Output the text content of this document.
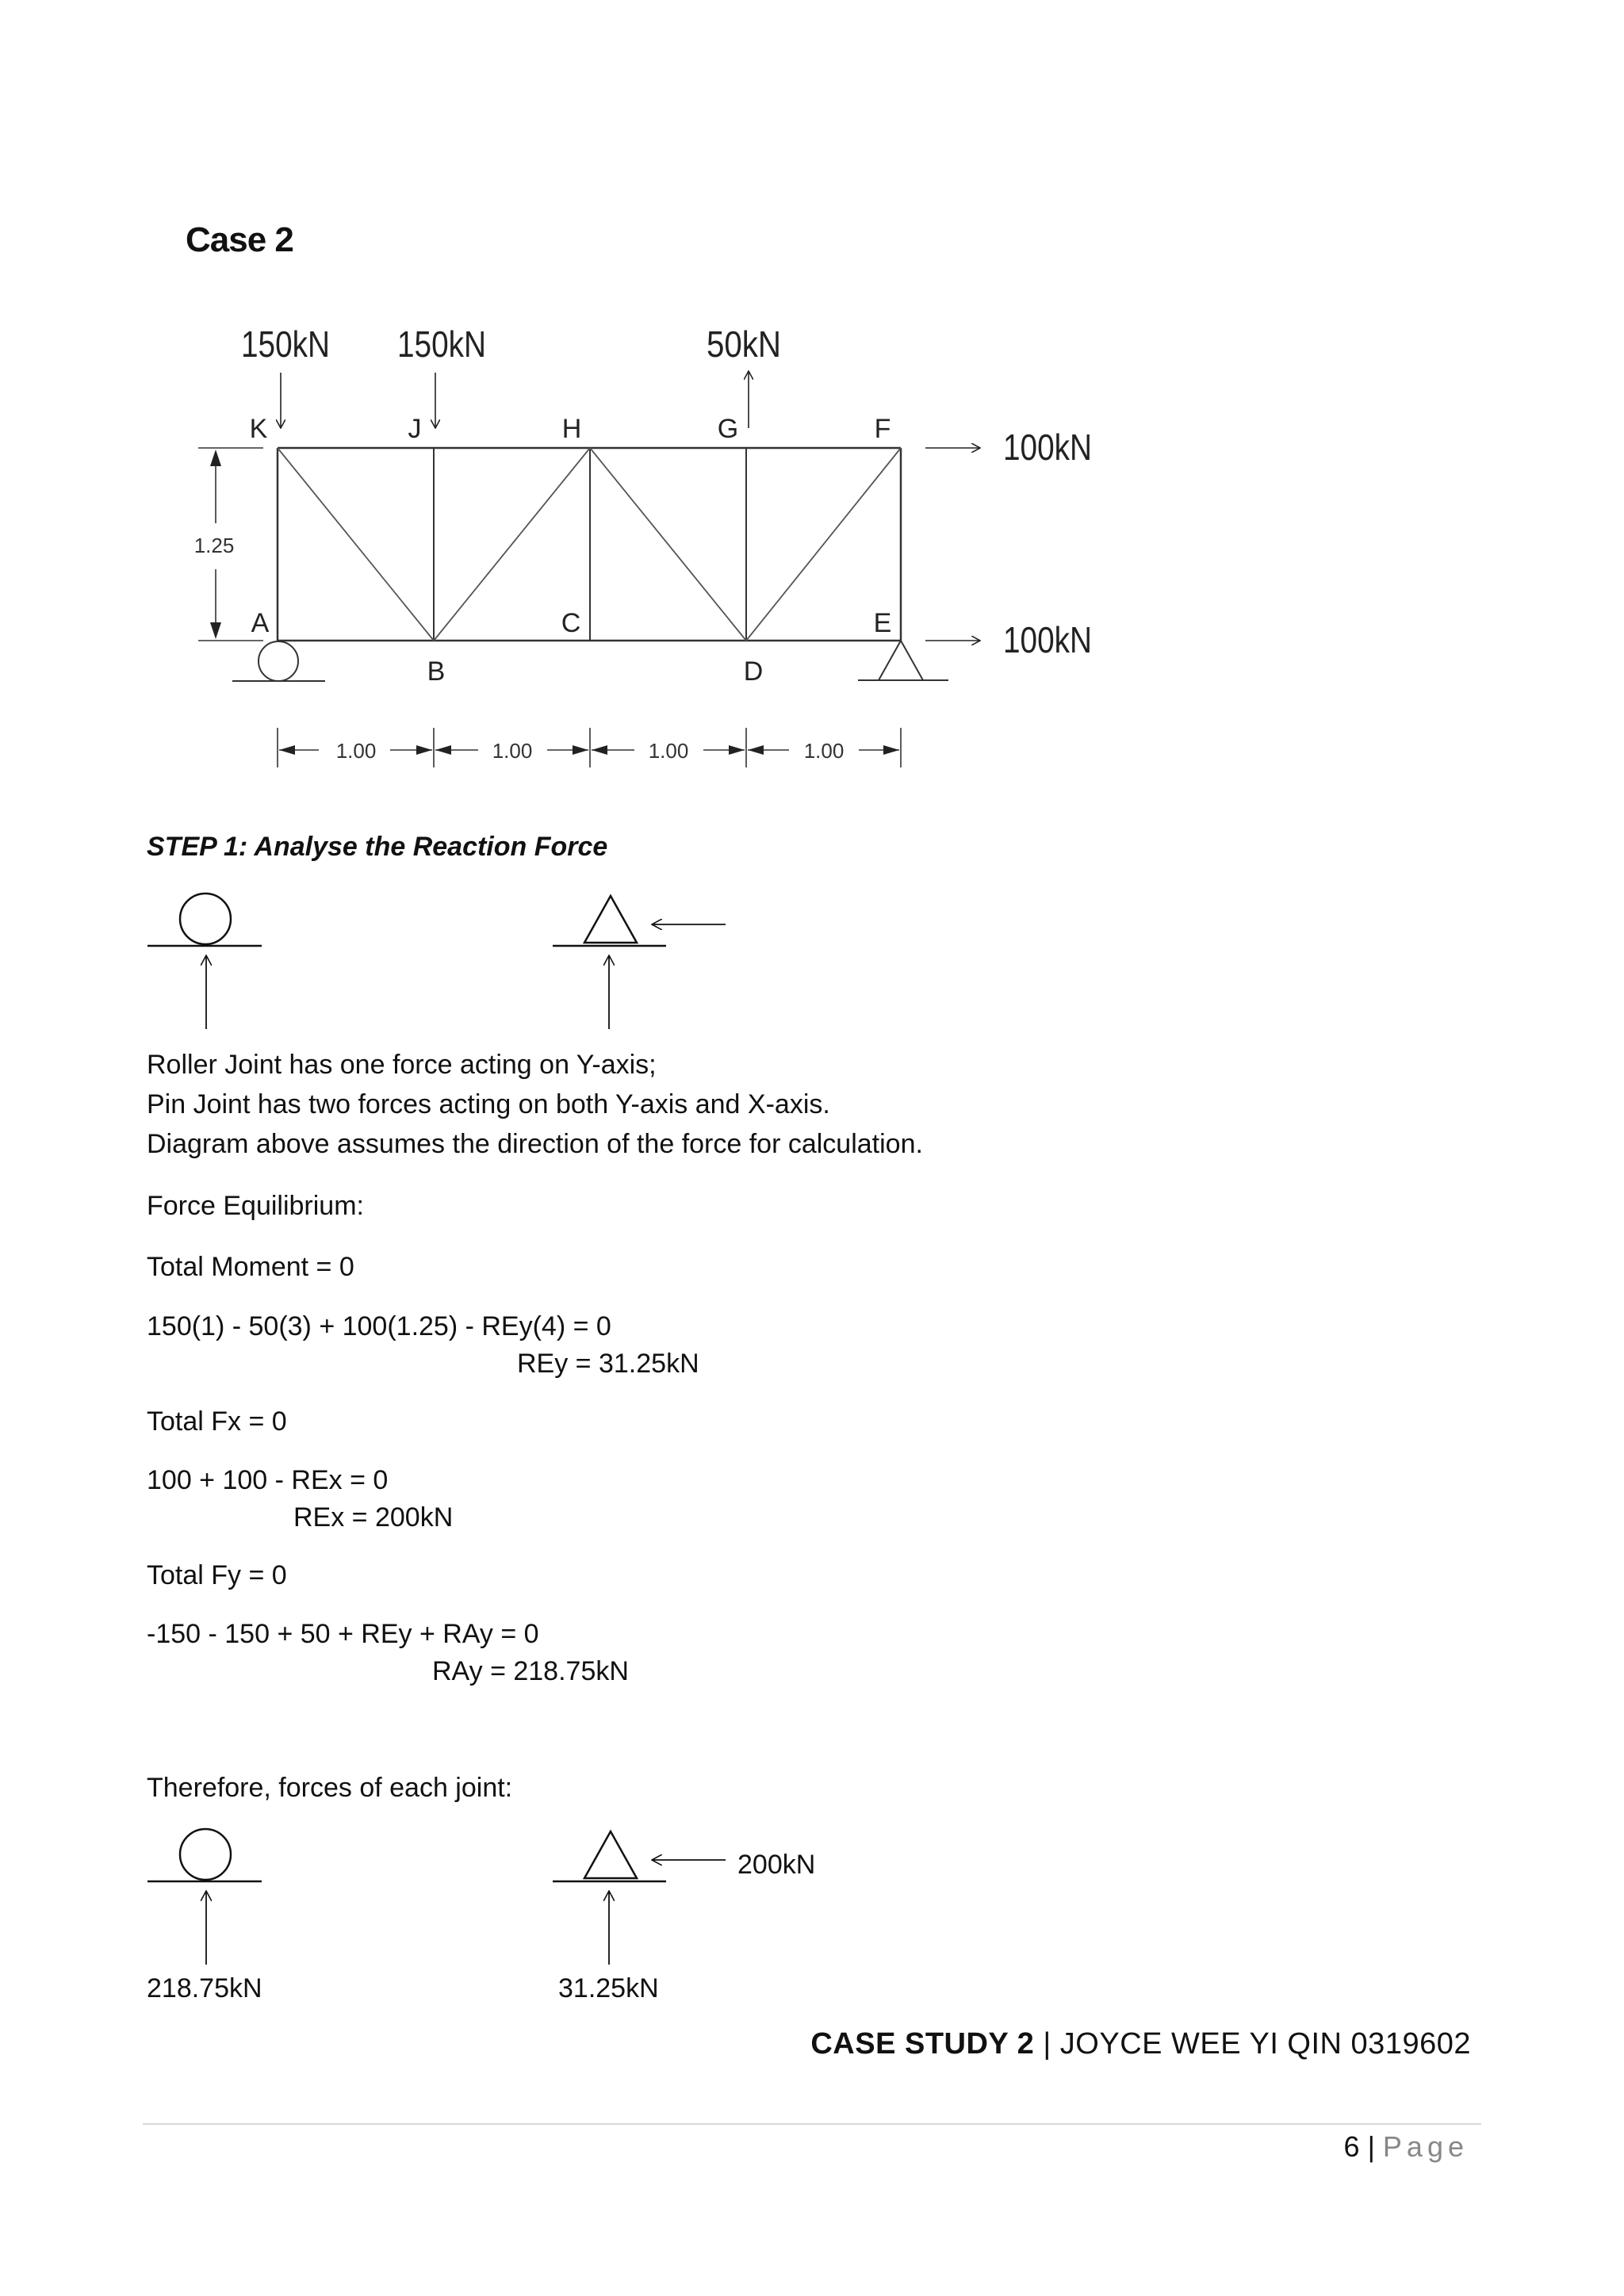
Case 2
150kN 150kN	50kN
100kN
100kN
K	J	H	G	F
A	C	E
B	D
1.25
1.00	1.00	1.00	1.00
STEP 1: Analyse the Reaction Force
Roller Joint has one force acting on Y-axis;
Pin Joint has two forces acting on both Y-axis and X-axis.
Diagram above assumes the direction of the force for calculation.
Force Equilibrium:
Total Moment = 0
150(1) - 50(3) + 100(1.25) - REy(4) = 0
REy = 31.25kN
Total Fx = 0
100 + 100 - REx = 0
REx = 200kN
Total Fy = 0
-150 - 150 + 50 + REy + RAy = 0
RAy = 218.75kN
Therefore, forces of each joint:
200kN
218.75kN	31.25kN
CASE STUDY 2 | JOYCE WEE YI QIN 0319602
6 | Page
